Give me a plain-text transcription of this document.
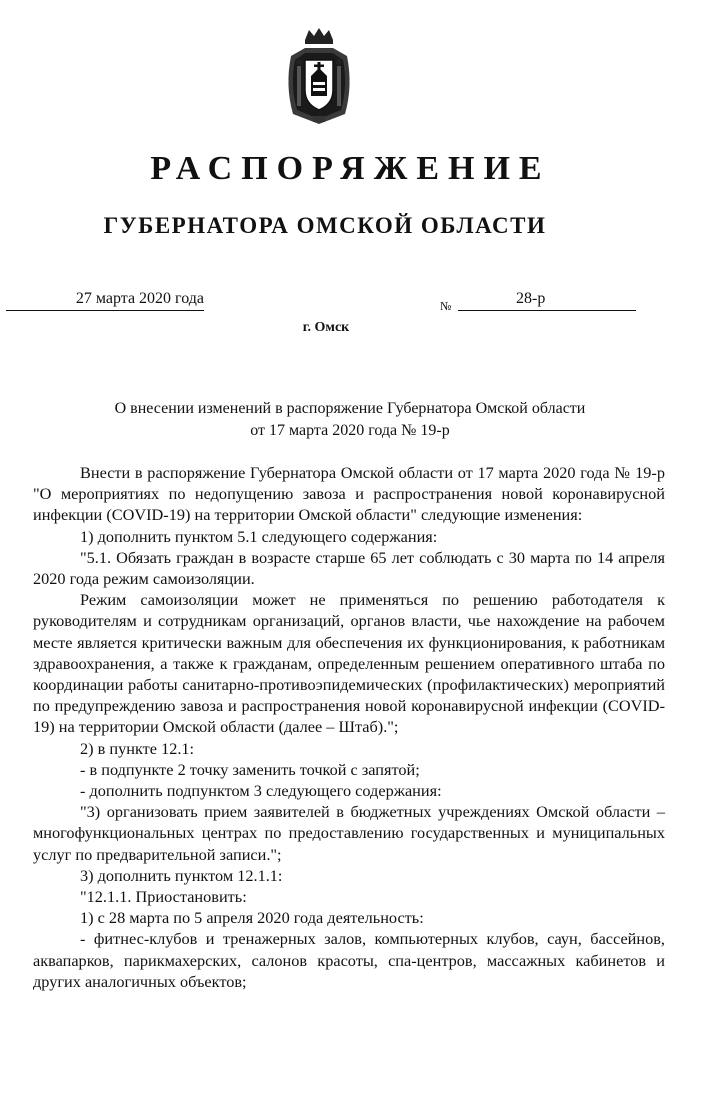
РАСПОРЯЖЕНИЕ
ГУБЕРНАТОРА ОМСКОЙ ОБЛАСТИ
27 марта 2020 года	№	28-р
г. Омск
О внесении изменений в распоряжение Губернатора Омской области
от 17 марта 2020 года № 19-р

Внести в распоряжение Губернатора Омской области от 17 марта 2020 года № 19-р "О мероприятиях по недопущению завоза и распространения новой коронавирусной инфекции (COVID-19) на территории Омской области" следующие изменения:

1) дополнить пунктом 5.1 следующего содержания:

"5.1. Обязать граждан в возрасте старше 65 лет соблюдать с 30 марта по 14 апреля 2020 года режим самоизоляции.

Режим самоизоляции может не применяться по решению работодателя к руководителям и сотрудникам организаций, органов власти, чье нахождение на рабочем месте является критически важным для обеспечения их функционирования, к работникам здравоохранения, а также к гражданам, определенным решением оперативного штаба по координации работы санитарно-противоэпидемических (профилактических) мероприятий по предупреждению завоза и распространения новой коронавирусной инфекции (COVID-19) на территории Омской области (далее – Штаб).";

2) в пункте 12.1:

- в подпункте 2 точку заменить точкой с запятой;

- дополнить подпунктом 3 следующего содержания:

"3) организовать прием заявителей в бюджетных учреждениях Омской области – многофункциональных центрах по предоставлению государственных и муниципальных услуг по предварительной записи.";

3) дополнить пунктом 12.1.1:

"12.1.1. Приостановить:

1) с 28 марта по 5 апреля 2020 года деятельность:

- фитнес-клубов и тренажерных залов, компьютерных клубов, саун, бассейнов, аквапарков, парикмахерских, салонов красоты, спа-центров, массажных кабинетов и других аналогичных объектов;
